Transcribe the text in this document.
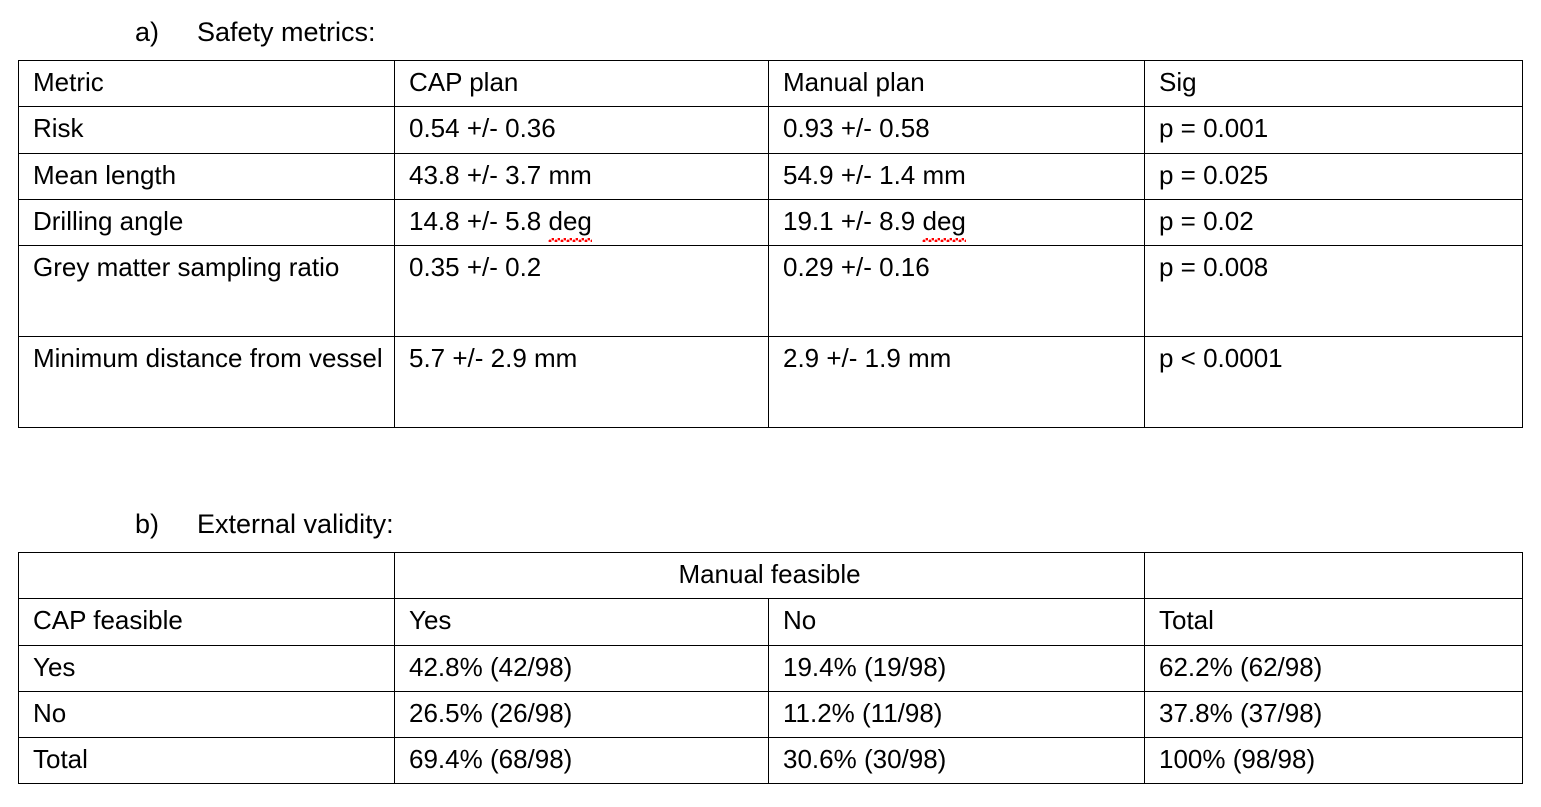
a)	Safety metrics:
Metric	CAP plan	Manual plan	Sig
Risk	0.54 +/- 0.36	0.93 +/- 0.58	p = 0.001
Mean length	43.8 +/- 3.7 mm	54.9 +/- 1.4 mm	p = 0.025
Drilling angle	14.8 +/- 5.8 deg	19.1 +/- 8.9 deg	p = 0.02
Grey matter sampling ratio	0.35 +/- 0.2	0.29 +/- 0.16	p = 0.008
Minimum distance from vessel	5.7 +/- 2.9 mm	2.9 +/- 1.9 mm	p < 0.0001
b)	External validity:
	Manual feasible		
CAP feasible	Yes	No	Total
Yes	42.8% (42/98)	19.4% (19/98)	62.2% (62/98)
No	26.5% (26/98)	11.2% (11/98)	37.8% (37/98)
Total	69.4% (68/98)	30.6% (30/98)	100% (98/98)
